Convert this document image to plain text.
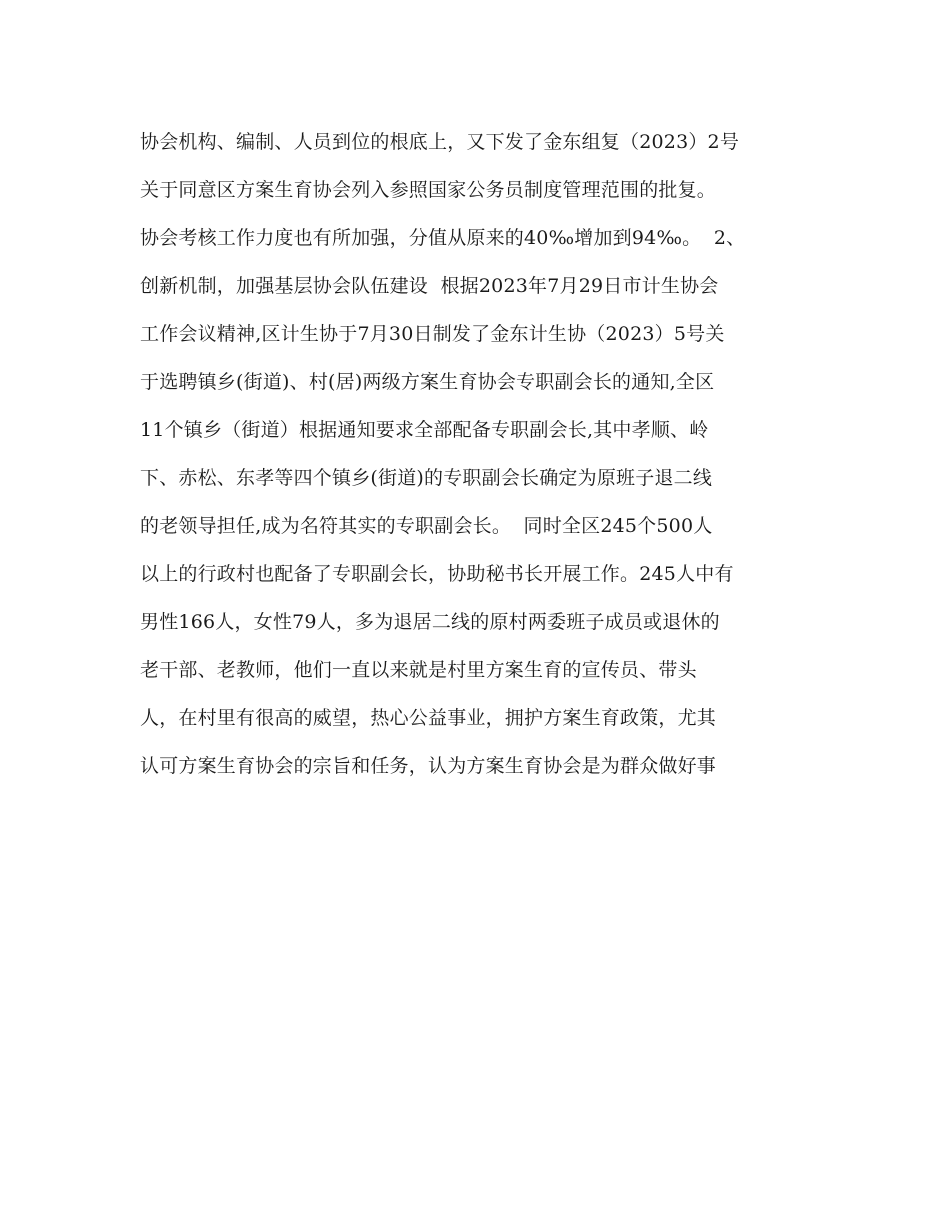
协会机构、编制、人员到位的根底上，又下发了金东组复（2023）2号
关于同意区方案生育协会列入参照国家公务员制度管理范围的批复。
协会考核工作力度也有所加强，分值从原来的40‰增加到94‰。  2、
创新机制，加强基层协会队伍建设  根据2023年7月29日市计生协会
工作会议精神,区计生协于7月30日制发了金东计生协（2023）5号关
于选聘镇乡(街道)、村(居)两级方案生育协会专职副会长的通知,全区
11个镇乡（街道）根据通知要求全部配备专职副会长,其中孝顺、岭
下、赤松、东孝等四个镇乡(街道)的专职副会长确定为原班子退二线
的老领导担任,成为名符其实的专职副会长。  同时全区245个500人
以上的行政村也配备了专职副会长，协助秘书长开展工作。245人中有
男性166人，女性79人，多为退居二线的原村两委班子成员或退休的
老干部、老教师，他们一直以来就是村里方案生育的宣传员、带头
人，在村里有很高的威望，热心公益事业，拥护方案生育政策，尤其
认可方案生育协会的宗旨和任务，认为方案生育协会是为群众做好事
